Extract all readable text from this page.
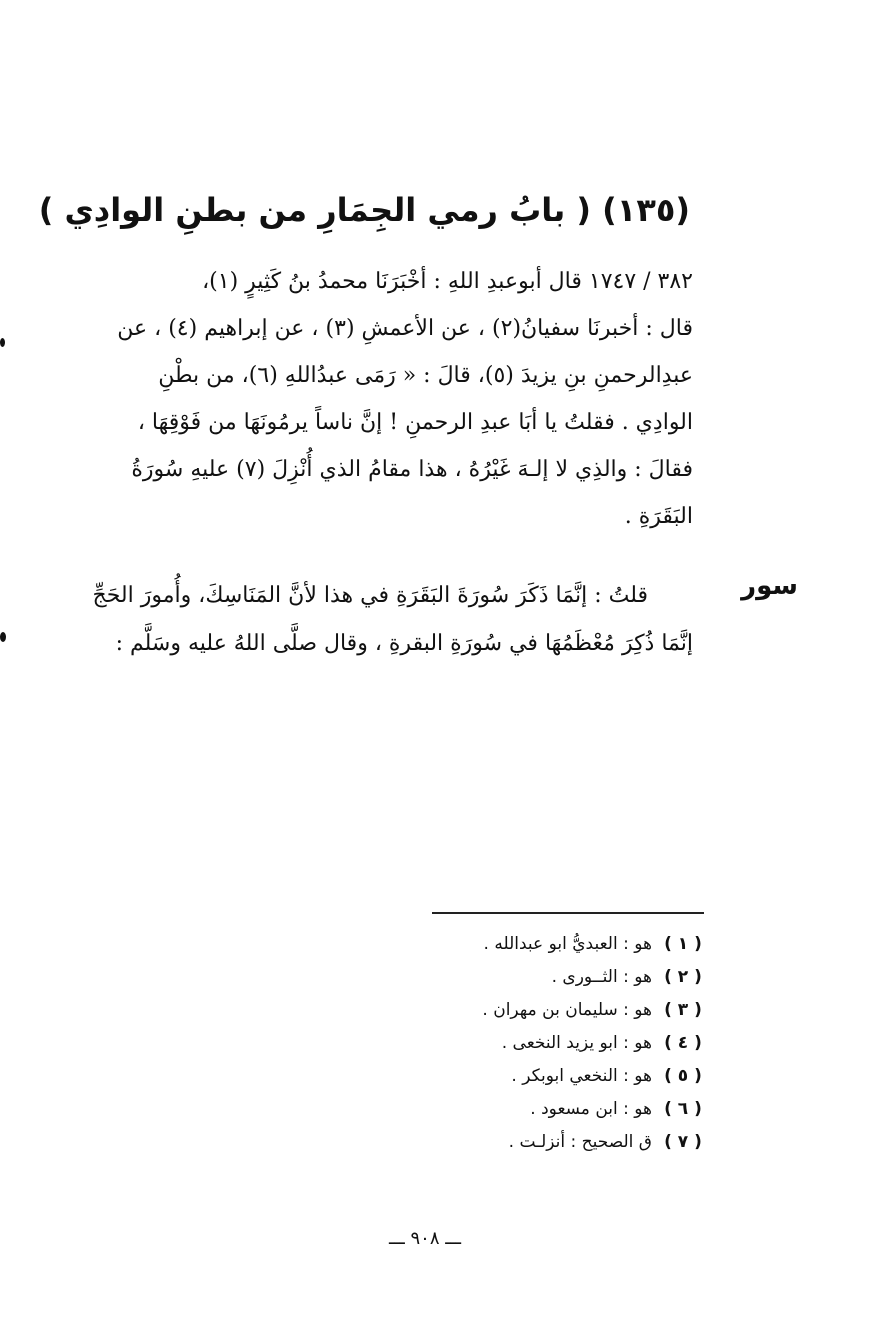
(١٣٥) ( بابُ رمي الجِمَارِ من بطنِ الوادِي )
٣٨٢ / ١٧٤٧ قال أبوعبدِ اللهِ : أخْبَرَنَا محمدُ بنُ كَثِيرٍ (١)،
قال : أخبرنَا سفيانُ(٢) ، عن الأعمشِ (٣) ، عن إبراهيم (٤) ، عن
عبدِالرحمنِ بنِ يزيدَ (٥)، قالَ : « رَمَى عبدُاللهِ (٦)، من بطْنِ
الوادِي . فقلتُ يا أبَا عبدِ الرحمنِ ! إنَّ ناساً يرمُونَهَا من فَوْقِهَا ،
فقالَ : والذِي لا إلـهَ غَيْرُهُ ، هذا مقامُ الذي أُنْزِلَ (٧) عليهِ سُورَةُ
البَقَرَةِ .
سور
قلتُ : إنَّمَا ذَكَرَ سُورَةَ البَقَرَةِ في هذا لأنَّ المَنَاسِكَ، وأُمورَ الحَجِّ
إنَّمَا ذُكِرَ مُعْظَمُهَا في سُورَةِ البقرةِ ، وقال صلَّى اللهُ عليه وسَلَّم :
( ١ )
هو : العبديُّ ابو عبدالله .
( ٢ )
هو : الثــورى .
( ٣ )
هو : سليمان بن مهران .
( ٤ )
هو : ابو يزيد النخعى .
( ٥ )
هو : النخعي ابوبكر .
( ٦ )
هو : ابن مسعود .
( ٧ )
ق الصحيح : أنزلـت .
ـــ ٩٠٨ ـــ
